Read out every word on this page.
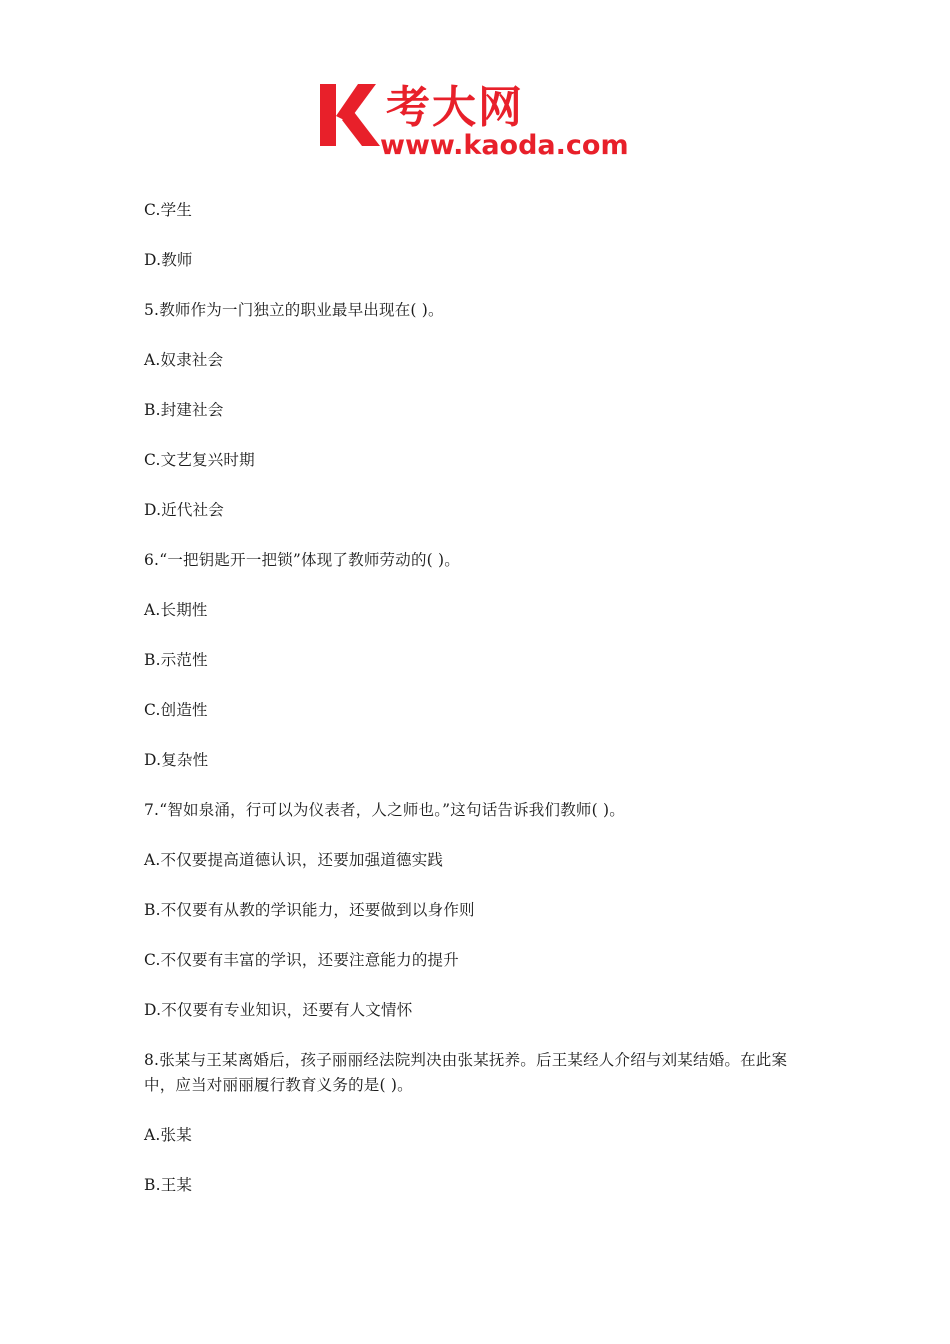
考大网
www.kaoda.com
C.学生
D.教师
5.教师作为一门独立的职业最早出现在( )。
A.奴隶社会
B.封建社会
C.文艺复兴时期
D.近代社会
6.“一把钥匙开一把锁”体现了教师劳动的( )。
A.长期性
B.示范性
C.创造性
D.复杂性
7.“智如泉涌，行可以为仪表者，人之师也。”这句话告诉我们教师( )。
A.不仅要提高道德认识，还要加强道德实践
B.不仅要有从教的学识能力，还要做到以身作则
C.不仅要有丰富的学识，还要注意能力的提升
D.不仅要有专业知识，还要有人文情怀
8.张某与王某离婚后，孩子丽丽经法院判决由张某抚养。后王某经人介绍与刘某结婚。在此案中，应当对丽丽履行教育义务的是( )。
A.张某
B.王某
